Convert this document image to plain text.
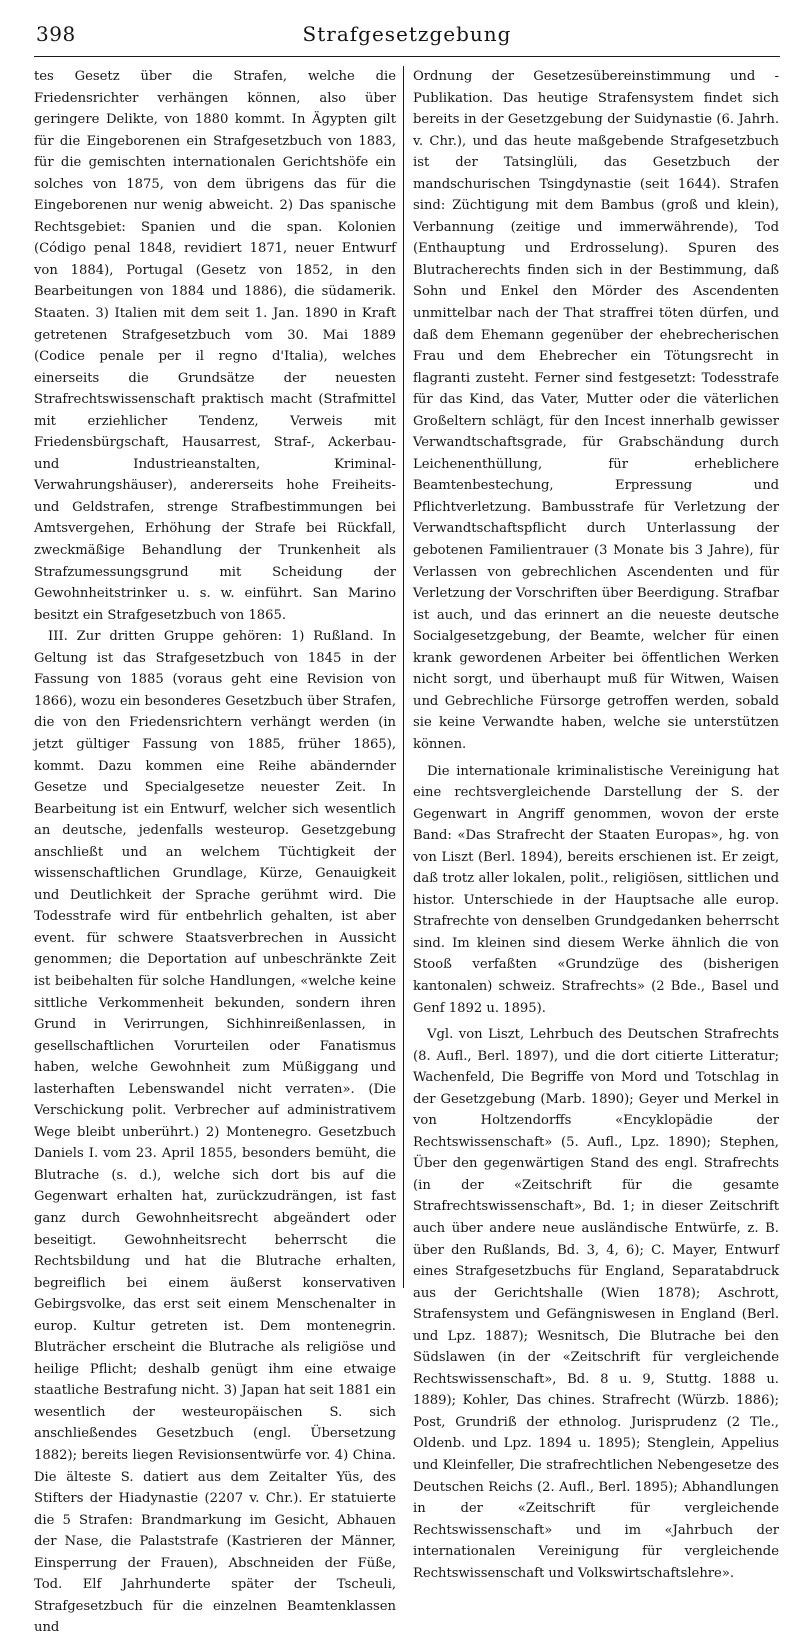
398	Strafgesetzgebung

tes Gesetz über die Strafen, welche die Friedensrichter verhängen können, also über geringere Delikte, von 1880 kommt. In Ägypten gilt für die Eingeborenen ein Strafgesetzbuch von 1883, für die gemischten internationalen Gerichtshöfe ein solches von 1875, von dem übrigens das für die Eingeborenen nur wenig abweicht. 2) Das spanische Rechtsgebiet: Spanien und die span. Kolonien (Código penal 1848, revidiert 1871, neuer Entwurf von 1884), Portugal (Gesetz von 1852, in den Bearbeitungen von 1884 und 1886), die südamerik. Staaten. 3) Italien mit dem seit 1. Jan. 1890 in Kraft getretenen Strafgesetzbuch vom 30. Mai 1889 (Codice penale per il regno d'Italia), welches einerseits die Grundsätze der neuesten Strafrechtswissenschaft praktisch macht (Strafmittel mit erziehlicher Tendenz, Verweis mit Friedensbürgschaft, Hausarrest, Straf-, Ackerbau- und Industrieanstalten, Kriminal-Verwahrungshäuser), andererseits hohe Freiheits- und Geldstrafen, strenge Strafbestimmungen bei Amtsvergehen, Erhöhung der Strafe bei Rückfall, zweckmäßige Behandlung der Trunkenheit als Strafzumessungsgrund mit Scheidung der Gewohnheitstrinker u. s. w. einführt. San Marino besitzt ein Strafgesetzbuch von 1865.

III. Zur dritten Gruppe gehören: 1) Rußland. In Geltung ist das Strafgesetzbuch von 1845 in der Fassung von 1885 (voraus geht eine Revision von 1866), wozu ein besonderes Gesetzbuch über Strafen, die von den Friedensrichtern verhängt werden (in jetzt gültiger Fassung von 1885, früher 1865), kommt. Dazu kommen eine Reihe abändernder Gesetze und Specialgesetze neuester Zeit. In Bearbeitung ist ein Entwurf, welcher sich wesentlich an deutsche, jedenfalls westeurop. Gesetzgebung anschließt und an welchem Tüchtigkeit der wissenschaftlichen Grundlage, Kürze, Genauigkeit und Deutlichkeit der Sprache gerühmt wird. Die Todesstrafe wird für entbehrlich gehalten, ist aber event. für schwere Staatsverbrechen in Aussicht genommen; die Deportation auf unbeschränkte Zeit ist beibehalten für solche Handlungen, «welche keine sittliche Verkommenheit bekunden, sondern ihren Grund in Verirrungen, Sichhinreißenlassen, in gesellschaftlichen Vorurteilen oder Fanatismus haben, welche Gewohnheit zum Müßiggang und lasterhaften Lebenswandel nicht verraten». (Die Verschickung polit. Verbrecher auf administrativem Wege bleibt unberührt.) 2) Montenegro. Gesetzbuch Daniels I. vom 23. April 1855, besonders bemüht, die Blutrache (s. d.), welche sich dort bis auf die Gegenwart erhalten hat, zurückzudrängen, ist fast ganz durch Gewohnheitsrecht abgeändert oder beseitigt. Gewohnheitsrecht beherrscht die Rechtsbildung und hat die Blutrache erhalten, begreiflich bei einem äußerst konservativen Gebirgsvolke, das erst seit einem Menschenalter in europ. Kultur getreten ist. Dem montenegrin. Bluträcher erscheint die Blutrache als religiöse und heilige Pflicht; deshalb genügt ihm eine etwaige staatliche Bestrafung nicht. 3) Japan hat seit 1881 ein wesentlich der westeuropäischen S. sich anschließendes Gesetzbuch (engl. Übersetzung 1882); bereits liegen Revisionsentwürfe vor. 4) China. Die älteste S. datiert aus dem Zeitalter Yüs, des Stifters der Hiadynastie (2207 v. Chr.). Er statuierte die 5 Strafen: Brandmarkung im Gesicht, Abhauen der Nase, die Palaststrafe (Kastrieren der Männer, Einsperrung der Frauen), Abschneiden der Füße, Tod. Elf Jahrhunderte später der Tscheuli, Strafgesetzbuch für die einzelnen Beamtenklassen und

Ordnung der Gesetzesübereinstimmung und -Publikation. Das heutige Strafensystem findet sich bereits in der Gesetzgebung der Suidynastie (6. Jahrh. v. Chr.), und das heute maßgebende Strafgesetzbuch ist der Tatsinglüli, das Gesetzbuch der mandschurischen Tsingdynastie (seit 1644). Strafen sind: Züchtigung mit dem Bambus (groß und klein), Verbannung (zeitige und immerwährende), Tod (Enthauptung und Erdrosselung). Spuren des Blutracherechts finden sich in der Bestimmung, daß Sohn und Enkel den Mörder des Ascendenten unmittelbar nach der That straffrei töten dürfen, und daß dem Ehemann gegenüber der ehebrecherischen Frau und dem Ehebrecher ein Tötungsrecht in flagranti zusteht. Ferner sind festgesetzt: Todesstrafe für das Kind, das Vater, Mutter oder die väterlichen Großeltern schlägt, für den Incest innerhalb gewisser Verwandtschaftsgrade, für Grabschändung durch Leichenenthüllung, für erheblichere Beamtenbestechung, Erpressung und Pflichtverletzung. Bambusstrafe für Verletzung der Verwandtschaftspflicht durch Unterlassung der gebotenen Familientrauer (3 Monate bis 3 Jahre), für Verlassen von gebrechlichen Ascendenten und für Verletzung der Vorschriften über Beerdigung. Strafbar ist auch, und das erinnert an die neueste deutsche Socialgesetzgebung, der Beamte, welcher für einen krank gewordenen Arbeiter bei öffentlichen Werken nicht sorgt, und überhaupt muß für Witwen, Waisen und Gebrechliche Fürsorge getroffen werden, sobald sie keine Verwandte haben, welche sie unterstützen können.

Die internationale kriminalistische Vereinigung hat eine rechtsvergleichende Darstellung der S. der Gegenwart in Angriff genommen, wovon der erste Band: «Das Strafrecht der Staaten Europas», hg. von von Liszt (Berl. 1894), bereits erschienen ist. Er zeigt, daß trotz aller lokalen, polit., religiösen, sittlichen und histor. Unterschiede in der Hauptsache alle europ. Strafrechte von denselben Grundgedanken beherrscht sind. Im kleinen sind diesem Werke ähnlich die von Stooß verfaßten «Grundzüge des (bisherigen kantonalen) schweiz. Strafrechts» (2 Bde., Basel und Genf 1892 u. 1895).

Vgl. von Liszt, Lehrbuch des Deutschen Strafrechts (8. Aufl., Berl. 1897), und die dort citierte Litteratur; Wachenfeld, Die Begriffe von Mord und Totschlag in der Gesetzgebung (Marb. 1890); Geyer und Merkel in von Holtzendorffs «Encyklopädie der Rechtswissenschaft» (5. Aufl., Lpz. 1890); Stephen, Über den gegenwärtigen Stand des engl. Strafrechts (in der «Zeitschrift für die gesamte Strafrechtswissenschaft», Bd. 1; in dieser Zeitschrift auch über andere neue ausländische Entwürfe, z. B. über den Rußlands, Bd. 3, 4, 6); C. Mayer, Entwurf eines Strafgesetzbuchs für England, Separatabdruck aus der Gerichtshalle (Wien 1878); Aschrott, Strafensystem und Gefängniswesen in England (Berl. und Lpz. 1887); Wesnitsch, Die Blutrache bei den Südslawen (in der «Zeitschrift für vergleichende Rechtswissenschaft», Bd. 8 u. 9, Stuttg. 1888 u. 1889); Kohler, Das chines. Strafrecht (Würzb. 1886); Post, Grundriß der ethnolog. Jurisprudenz (2 Tle., Oldenb. und Lpz. 1894 u. 1895); Stenglein, Appelius und Kleinfeller, Die strafrechtlichen Nebengesetze des Deutschen Reichs (2. Aufl., Berl. 1895); Abhandlungen in der «Zeitschrift für vergleichende Rechtswissenschaft» und im «Jahrbuch der internationalen Vereinigung für vergleichende Rechtswissenschaft und Volkswirtschaftslehre».
